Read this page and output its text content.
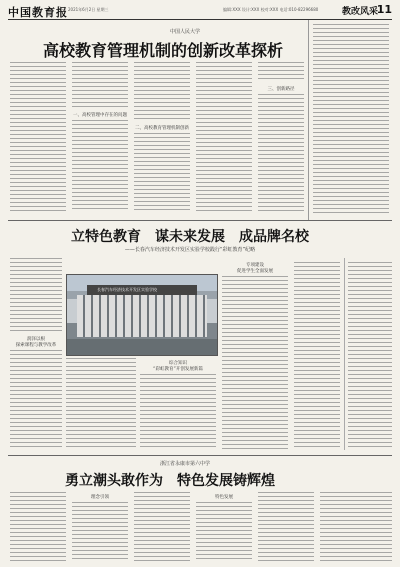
中国教育报 2021年6月2日 星期三	编辑:XXX 设计:XXX 校对:XXX 电话:010-82296680	教改风采
11
中国人民大学
高校教育管理机制的创新改革探析
一、高校管理中存在的问题
二、高校教育管理机制创新
三、创新路径
立特色教育　谋未来发展　成品牌名校
——长春汽车经济技术开发区实验学校践行“彩虹教育”纪略
润泽以根
探索课程与教学改革
长春汽车经济技术开发区实验学校
综合知识
“彩虹教育”开创发展新篇
专项建设
促进学生全面发展
浙江省永康市第六中学
勇立潮头敢作为　特色发展铸辉煌
理念引领	特色发展
